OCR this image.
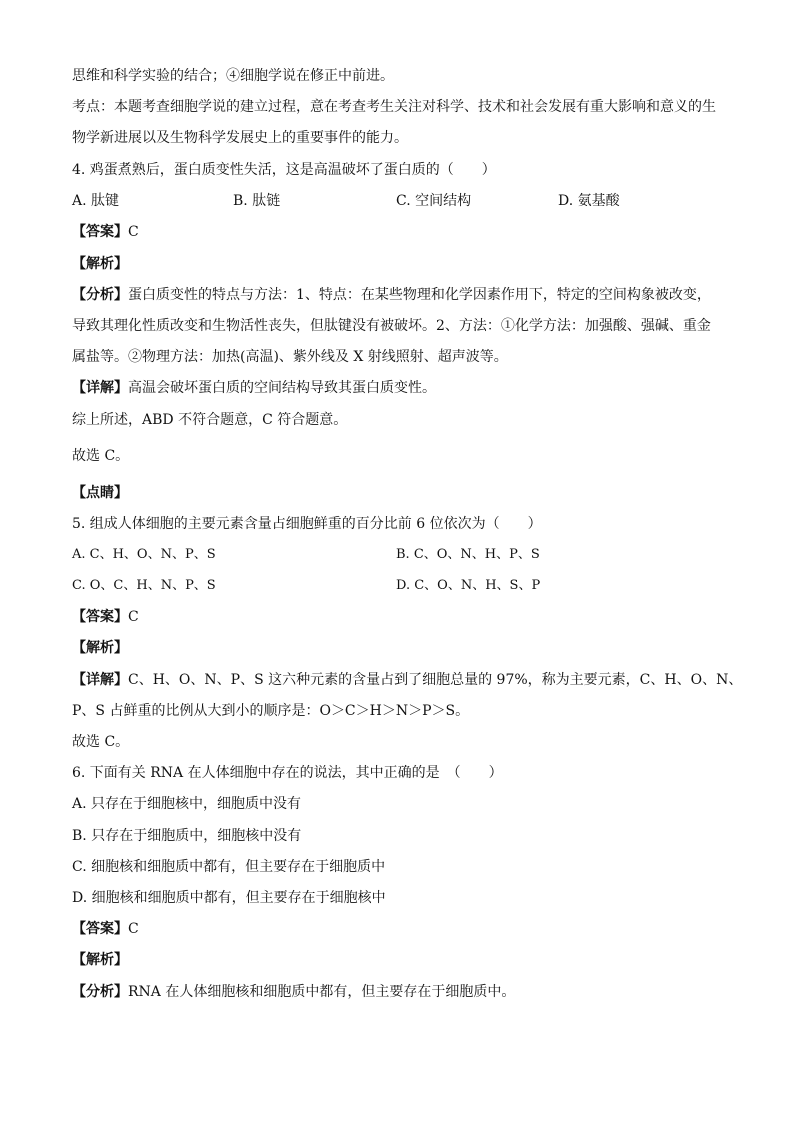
思维和科学实验的结合；④细胞学说在修正中前进。
考点：本题考查细胞学说的建立过程，意在考查考生关注对科学、技术和社会发展有重大影响和意义的生
物学新进展以及生物科学发展史上的重要事件的能力。
4. 鸡蛋煮熟后，蛋白质变性失活，这是高温破坏了蛋白质的（　　）
A. 肽键	B. 肽链	C. 空间结构	D. 氨基酸
【答案】C
【解析】
【分析】蛋白质变性的特点与方法：1、特点：在某些物理和化学因素作用下，特定的空间构象被改变，
导致其理化性质改变和生物活性丧失，但肽键没有被破坏。2、方法：①化学方法：加强酸、强碱、重金
属盐等。②物理方法：加热(高温)、紫外线及 X 射线照射、超声波等。
【详解】高温会破坏蛋白质的空间结构导致其蛋白质变性。
综上所述，ABD 不符合题意，C 符合题意。
故选 C。
【点睛】
5. 组成人体细胞的主要元素含量占细胞鲜重的百分比前 6 位依次为（　　）
A. C、H、O、N、P、S	B. C、O、N、H、P、S
C. O、C、H、N、P、S	D. C、O、N、H、S、P
【答案】C
【解析】
【详解】C、H、O、N、P、S 这六种元素的含量占到了细胞总量的 97%，称为主要元素，C、H、O、N、
P、S 占鲜重的比例从大到小的顺序是：O＞C＞H＞N＞P＞S。
故选 C。
6. 下面有关 RNA 在人体细胞中存在的说法，其中正确的是　（　　）
A. 只存在于细胞核中，细胞质中没有
B. 只存在于细胞质中，细胞核中没有
C. 细胞核和细胞质中都有，但主要存在于细胞质中
D. 细胞核和细胞质中都有，但主要存在于细胞核中
【答案】C
【解析】
【分析】RNA 在人体细胞核和细胞质中都有，但主要存在于细胞质中。
